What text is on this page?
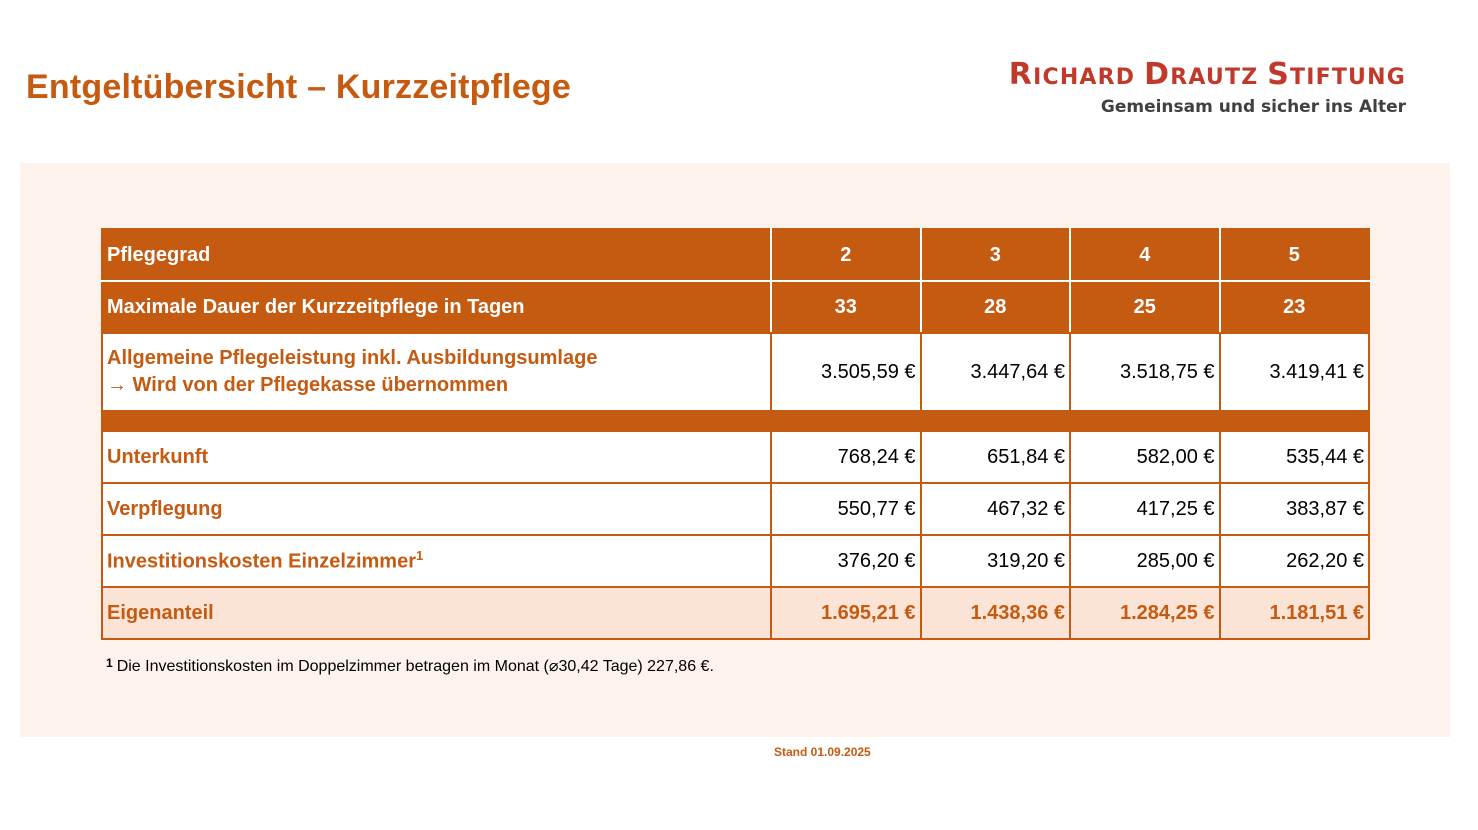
Entgeltübersicht – Kurzzeitpflege	RICHARD DRAUTZ STIFTUNG
Gemeinsam und sicher ins Alter
Pflegegrad	2	3	4	5
Maximale Dauer der Kurzzeitpflege in Tagen	33	28	25	23

Allgemeine Pflegeleistung inkl. Ausbildungsumlage
→ Wird von der Pflegekasse übernommen	3.505,59 €	3.447,64 €	3.518,75 €	3.419,41 €

Unterkunft	768,24 €	651,84 €	582,00 €	535,44 €
Verpflegung	550,77 €	467,32 €	417,25 €	383,87 €
Investitionskosten Einzelzimmer$^1$	376,20 €	319,20 €	285,00 €	262,20 €
Eigenanteil	1.695,21 €	1.438,36 €	1.284,25 €	1.181,51 €
$^1$ Die Investitionskosten im Doppelzimmer betragen im Monat (⌀30,42 Tage) 227,86 €.
Stand 01.09.2025
